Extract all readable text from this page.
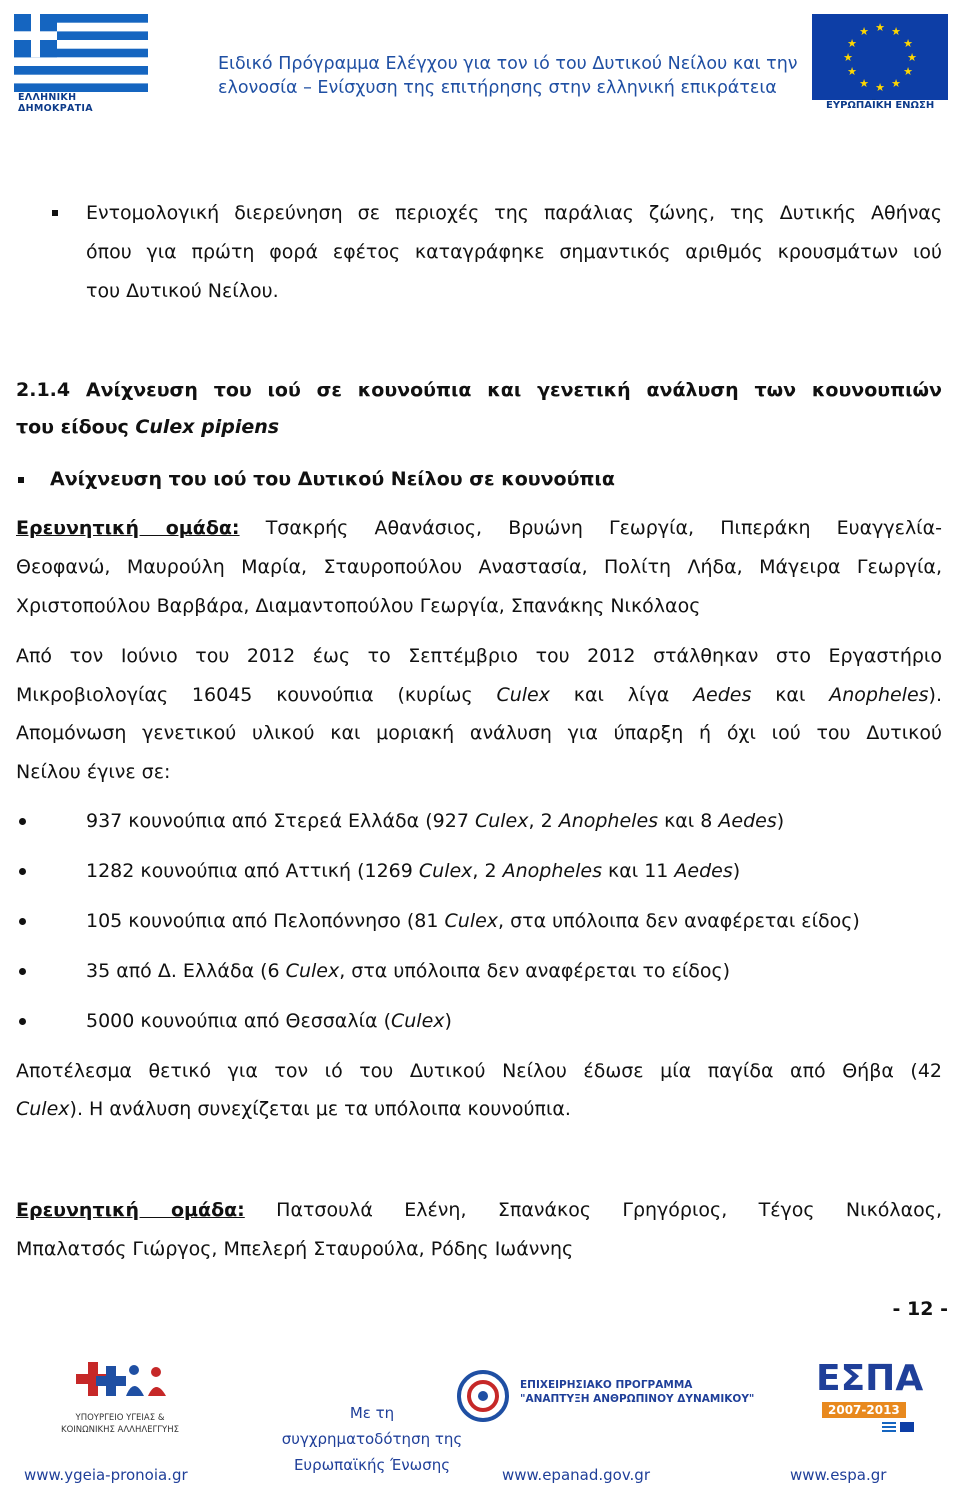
ΕΛΛΗΝΙΚΗ ΔΗΜΟΚΡΑΤΙΑ
Ειδικό Πρόγραμμα Ελέγχου για τον ιό του Δυτικού Νείλου και την
ελονοσία – Ενίσχυση της επιτήρησης στην ελληνική επικράτεια
★ ★
★
★
★
★
★
★
★
★
★
★
ΕΥΡΩΠΑΪΚΗ ΕΝΩΣΗ
Εντομολογική διερεύνηση σε περιοχές της παράλιας ζώνης, της Δυτικής Αθήνας
όπου για πρώτη φορά εφέτος καταγράφηκε σημαντικός αριθμός κρουσμάτων ιού
του Δυτικού Νείλου.
2.1.4 Ανίχνευση του ιού σε κουνούπια και γενετική ανάλυση των κουνουπιών
του είδους Culex pipiens
Ανίχνευση του ιού του Δυτικού Νείλου σε κουνούπια
Ερευνητική ομάδα: Τσακρής Αθανάσιος, Βρυώνη Γεωργία, Πιπεράκη Ευαγγελία-
Θεοφανώ, Μαυρούλη Μαρία, Σταυροπούλου Αναστασία, Πολίτη Λήδα, Μάγειρα Γεωργία,
Χριστοπούλου Βαρβάρα, Διαμαντοπούλου Γεωργία, Σπανάκης Νικόλαος
Από τον Ιούνιο του 2012 έως το Σεπτέμβριο του 2012 στάλθηκαν στο Εργαστήριο
Μικροβιολογίας 16045 κουνούπια (κυρίως Culex και λίγα Aedes και Anopheles).
Απομόνωση γενετικού υλικού και μοριακή ανάλυση για ύπαρξη ή όχι ιού του Δυτικού
Νείλου έγινε σε:
937 κουνούπια από Στερεά Ελλάδα (927 Culex, 2 Anopheles και 8 Aedes)
1282 κουνούπια από Αττική (1269 Culex, 2 Anopheles και 11 Aedes)
105 κουνούπια από Πελοπόννησο (81 Culex, στα υπόλοιπα δεν αναφέρεται είδος)
35 από Δ. Ελλάδα (6 Culex, στα υπόλοιπα δεν αναφέρεται το είδος)
5000 κουνούπια από Θεσσαλία (Culex)
Αποτέλεσμα θετικό για τον ιό του Δυτικού Νείλου έδωσε μία παγίδα από Θήβα (42
Culex). Η ανάλυση συνεχίζεται με τα υπόλοιπα κουνούπια.
Ερευνητική ομάδα: Πατσουλά Ελένη, Σπανάκος Γρηγόριος, Τέγος Νικόλαος,
Μπαλατσός Γιώργος, Μπελερή Σταυρούλα, Ρόδης Ιωάννης
- 12 -
ΥΠΟΥΡΓΕΙΟ ΥΓΕΙΑΣ &
ΚΟΙΝΩΝΙΚΗΣ ΑΛΛΗΛΕΓΓΥΗΣ
Με τη
συγχρηματοδότηση της
Ευρωπαϊκής Ένωσης
ΕΠΙΧΕΙΡΗΣΙΑΚΟ ΠΡΟΓΡΑΜΜΑ
"ΑΝΑΠΤΥΞΗ ΑΝΘΡΩΠΙΝΟΥ ΔΥΝΑΜΙΚΟΥ" ΕΣΠΑ
2007-2013
www.ygeia-pronoia.gr	www.epanad.gov.gr	www.espa.gr
